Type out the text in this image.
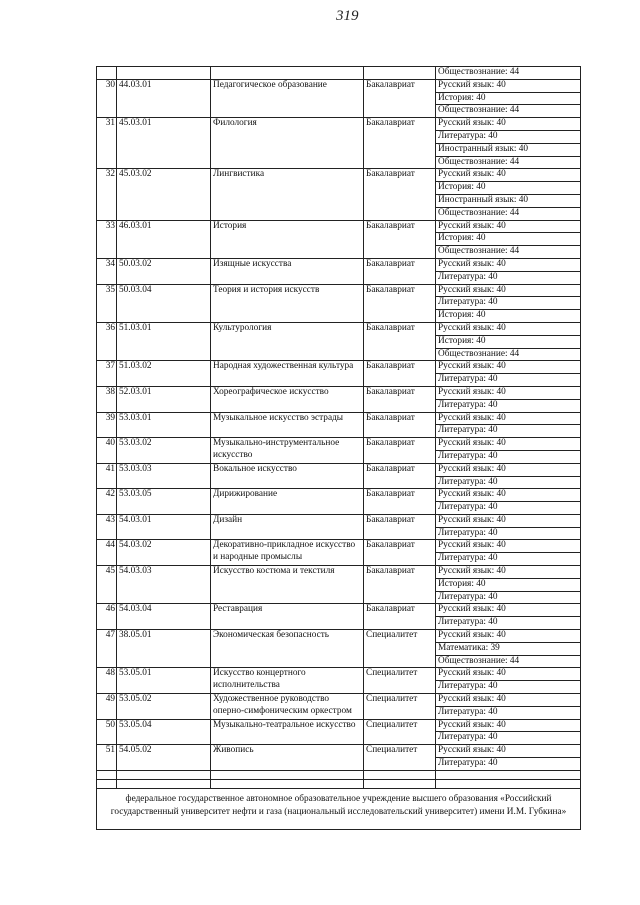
319
				Обществознание: 44
30	44.03.01	Педагогическое образование	Бакалавриат	Русский язык: 40
				История: 40
				Обществознание: 44
31	45.03.01	Филология	Бакалавриат	Русский язык: 40
				Литература: 40
				Иностранный язык: 40
				Обществознание: 44
32	45.03.02	Лингвистика	Бакалавриат	Русский язык: 40
				История: 40
				Иностранный язык: 40
				Обществознание: 44
33	46.03.01	История	Бакалавриат	Русский язык: 40
				История: 40
				Обществознание: 44
34	50.03.02	Изящные искусства	Бакалавриат	Русский язык: 40
				Литература: 40
35	50.03.04	Теория и история искусств	Бакалавриат	Русский язык: 40
				Литература: 40
				История: 40
36	51.03.01	Культурология	Бакалавриат	Русский язык: 40
				История: 40
				Обществознание: 44
37	51.03.02	Народная художественная культура	Бакалавриат	Русский язык: 40
				Литература: 40
38	52.03.01	Хореографическое искусство	Бакалавриат	Русский язык: 40
				Литература: 40
39	53.03.01	Музыкальное искусство эстрады	Бакалавриат	Русский язык: 40
				Литература: 40
40	53.03.02	Музыкально-инструментальное искусство	Бакалавриат	Русский язык: 40
				Литература: 40
41	53.03.03	Вокальное искусство	Бакалавриат	Русский язык: 40
				Литература: 40
42	53.03.05	Дирижирование	Бакалавриат	Русский язык: 40
				Литература: 40
43	54.03.01	Дизайн	Бакалавриат	Русский язык: 40
				Литература: 40
44	54.03.02	Декоративно-прикладное искусство и народные промыслы	Бакалавриат	Русский язык: 40
				Литература: 40
45	54.03.03	Искусство костюма и текстиля	Бакалавриат	Русский язык: 40
				История: 40
				Литература: 40
46	54.03.04	Реставрация	Бакалавриат	Русский язык: 40
				Литература: 40
47	38.05.01	Экономическая безопасность	Специалитет	Русский язык: 40
				Математика: 39
				Обществознание: 44
48	53.05.01	Искусство концертного исполнительства	Специалитет	Русский язык: 40
				Литература: 40
49	53.05.02	Художественное руководство оперно-симфоническим оркестром	Специалитет	Русский язык: 40
				Литература: 40
50	53.05.04	Музыкально-театральное искусство	Специалитет	Русский язык: 40
				Литература: 40
51	54.05.02	Живопись	Специалитет	Русский язык: 40
				Литература: 40

федеральное государственное автономное образовательное учреждение высшего образования «Российский государственный университет нефти и газа (национальный исследовательский университет) имени И.М. Губкина»				
